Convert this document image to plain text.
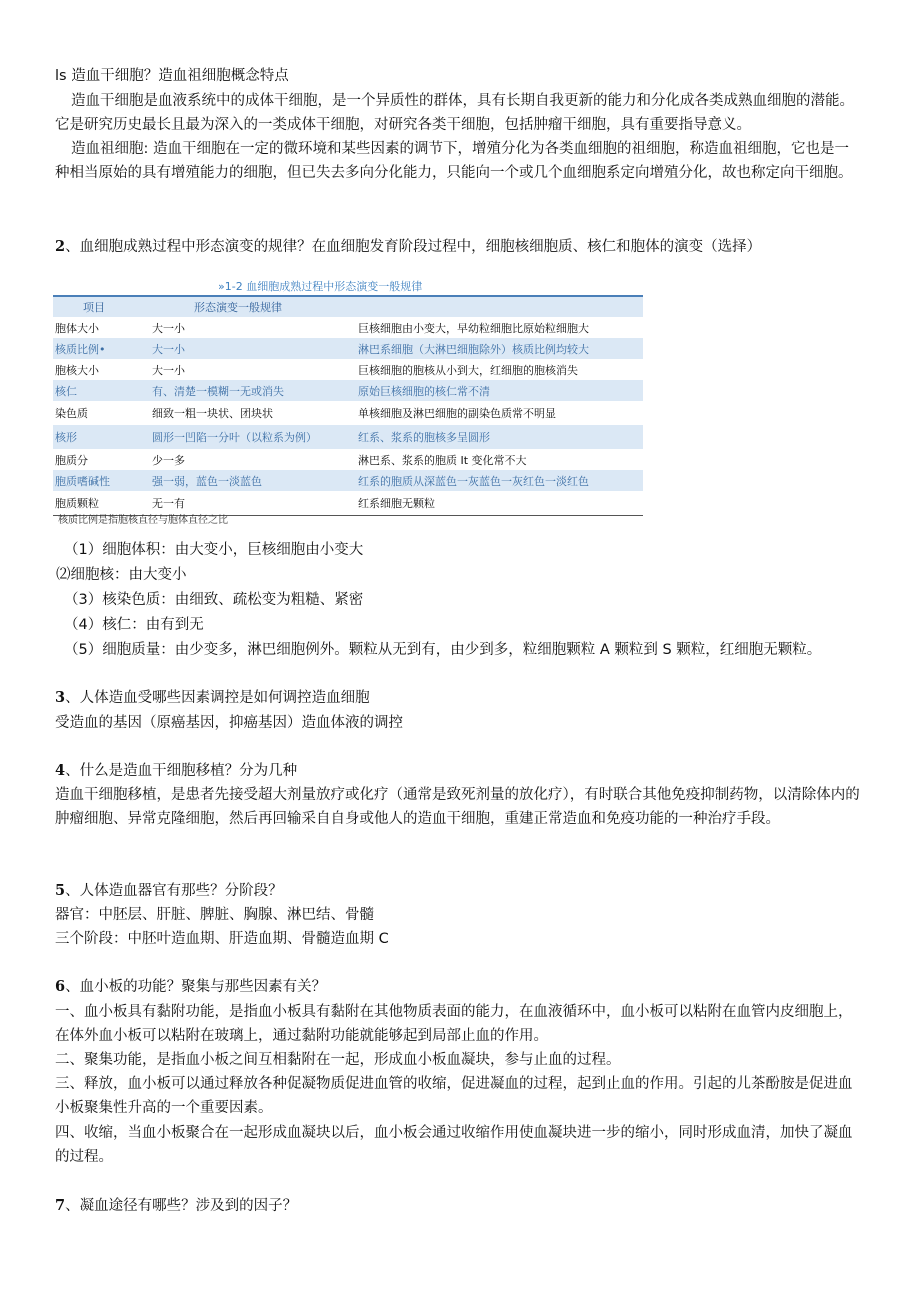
ls 造血干细胞？造血祖细胞概念特点

造血干细胞是血液系统中的成体干细胞，是一个异质性的群体，具有长期自我更新的能力和分化成各类成熟血细胞的潜能。它是研究历史最长且最为深入的一类成体干细胞，对研究各类干细胞，包括肿瘤干细胞，具有重要指导意义。

造血祖细胞: 造血干细胞在一定的微环境和某些因素的调节下，增殖分化为各类血细胞的祖细胞，称造血祖细胞，它也是一种相当原始的具有增殖能力的细胞，但已失去多向分化能力，只能向一个或几个血细胞系定向增殖分化，故也称定向干细胞。

2、血细胞成熟过程中形态演变的规律？在血细胞发育阶段过程中，细胞核细胞质、核仁和胞体的演变（选择）

»1-2 血细胞成熟过程中形态演变一般规律
项目	形态演变一般规律	
胞体大小	大一小	巨核细胞由小变大，早幼粒细胞比原始粒细胞大
核质比例•	大一小	淋巴系细胞（大淋巴细胞除外）核质比例均较大
胞核大小	大一小	巨核细胞的胞核从小到大，红细胞的胞核消失
核仁	有、清楚一模糊一无或消失	原始巨核细胞的核仁常不清
染色质	细致一粗一块状、团块状	单核细胞及淋巴细胞的副染色质常不明显
核形	圆形一凹陷一分叶（以粒系为例）	红系、浆系的胞核多呈圆形
胞质分	少一多	淋巴系、浆系的胞质 It 变化常不大
胞质嗜碱性	强一弱，蓝色一淡蓝色	红系的胞质从深蓝色一灰蓝色一灰红色一淡红色
胞质颗粒	无一有	红系细胞无颗粒
核质比例是指胞核直径与胞体直径之比
（1）细胞体积：由大变小，巨核细胞由小变大
⑵细胞核：由大变小
（3）核染色质：由细致、疏松变为粗糙、紧密
（4）核仁：由有到无
（5）细胞质量：由少变多，淋巴细胞例外。颗粒从无到有，由少到多，粒细胞颗粒 A 颗粒到 S 颗粒，红细胞无颗粒。

3、人体造血受哪些因素调控是如何调控造血细胞

受造血的基因（原癌基因，抑癌基因）造血体液的调控

4、什么是造血干细胞移植？分为几种

造血干细胞移植，是患者先接受超大剂量放疗或化疗（通常是致死剂量的放化疗），有时联合其他免疫抑制药物，以清除体内的肿瘤细胞、异常克隆细胞，然后再回输采自自身或他人的造血干细胞，重建正常造血和免疫功能的一种治疗手段。

5、人体造血器官有那些？分阶段？

器官：中胚层、肝脏、脾脏、胸腺、淋巴结、骨髓

三个阶段：中胚叶造血期、肝造血期、骨髓造血期 C

6、血小板的功能？聚集与那些因素有关？

一、血小板具有黏附功能，是指血小板具有黏附在其他物质表面的能力，在血液循环中，血小板可以粘附在血管内皮细胞上，在体外血小板可以粘附在玻璃上，通过黏附功能就能够起到局部止血的作用。

二、聚集功能，是指血小板之间互相黏附在一起，形成血小板血凝块，参与止血的过程。

三、释放，血小板可以通过释放各种促凝物质促进血管的收缩，促进凝血的过程，起到止血的作用。引起的儿茶酚胺是促进血小板聚集性升高的一个重要因素。

四、收缩，当血小板聚合在一起形成血凝块以后，血小板会通过收缩作用使血凝块进一步的缩小，同时形成血清，加快了凝血的过程。

7、凝血途径有哪些？涉及到的因子？
